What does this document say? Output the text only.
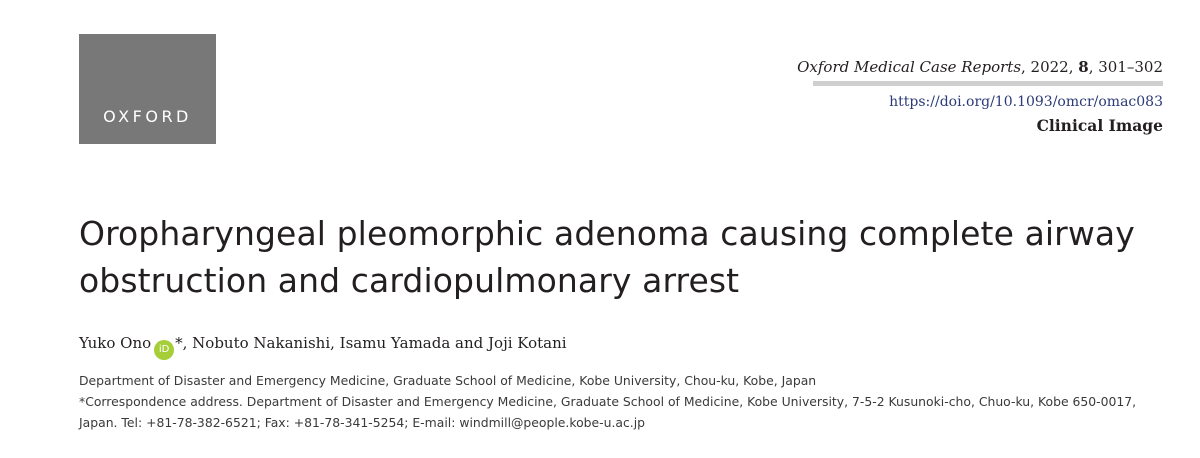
OXFORD
Oxford Medical Case Reports, 2022, 8, 301–302
https://doi.org/10.1093/omcr/omac083
Clinical Image
Oropharyngeal pleomorphic adenoma causing complete airway obstruction and cardiopulmonary arrest
Yuko Ono iD *, Nobuto Nakanishi, Isamu Yamada and Joji Kotani

Department of Disaster and Emergency Medicine, Graduate School of Medicine, Kobe University, Chou-ku, Kobe, Japan

*Correspondence address. Department of Disaster and Emergency Medicine, Graduate School of Medicine, Kobe University, 7-5-2 Kusunoki-cho, Chuo-ku, Kobe 650-0017, Japan. Tel: +81-78-382-6521; Fax: +81-78-341-5254; E-mail: windmill@people.kobe-u.ac.jp
